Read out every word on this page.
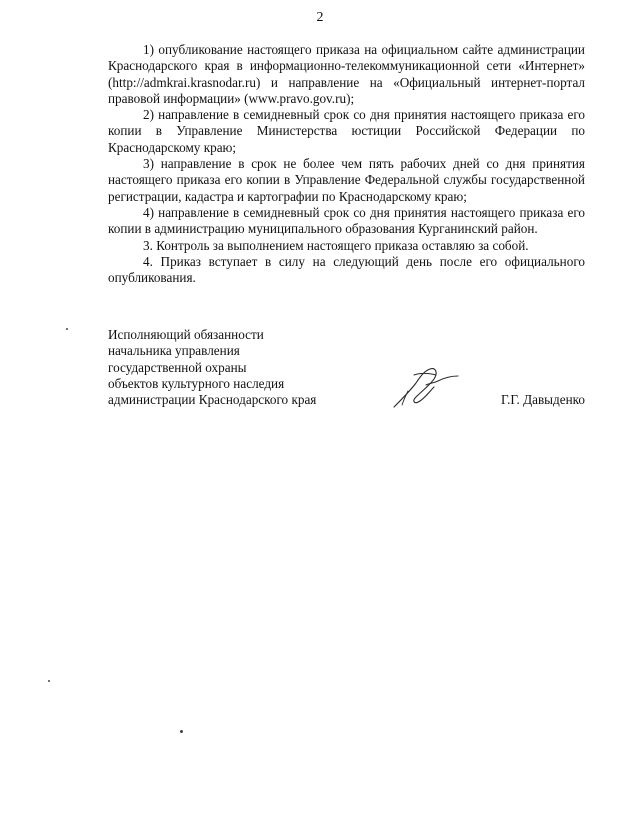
2

1) опубликование настоящего приказа на официальном сайте администрации Краснодарского края в информационно-телекоммуникационной сети «Интернет» (http://admkrai.krasnodar.ru) и направление на «Официальный интернет-портал правовой информации» (www.pravo.gov.ru);

2) направление в семидневный срок со дня принятия настоящего приказа его копии в Управление Министерства юстиции Российской Федерации по Краснодарскому краю;

3) направление в срок не более чем пять рабочих дней со дня принятия настоящего приказа его копии в Управление Федеральной службы государственной регистрации, кадастра и картографии по Краснодарскому краю;

4) направление в семидневный срок со дня принятия настоящего приказа его копии в администрацию муниципального образования Курганинский район.

3. Контроль за выполнением настоящего приказа оставляю за собой.

4. Приказ вступает в силу на следующий день после его официального опубликования.

Исполняющий обязанности
начальника управления
государственной охраны
объектов культурного наследия
администрации Краснодарского края	Г.Г. Давыденко
